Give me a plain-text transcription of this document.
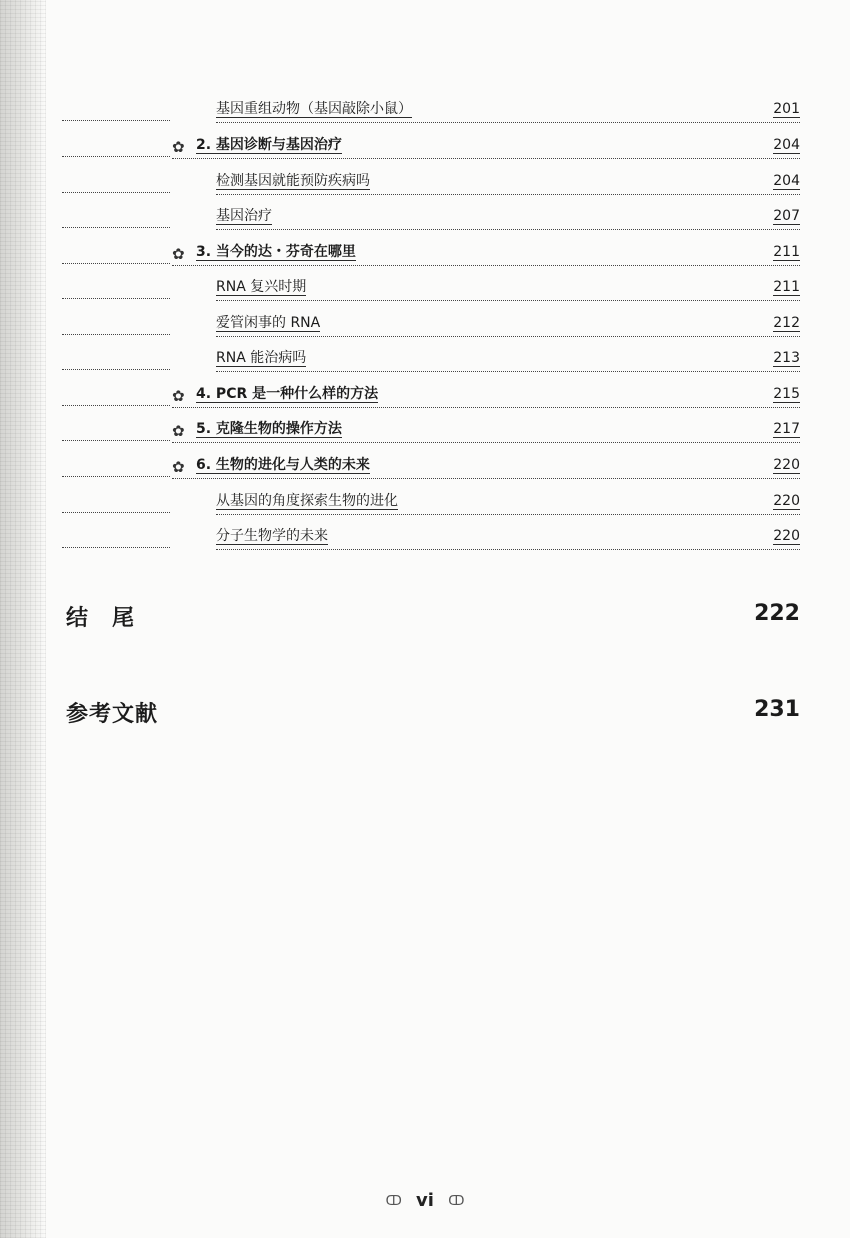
基因重组动物（基因敲除小鼠）	201
✿ 2. 基因诊断与基因治疗	204
检测基因就能预防疾病吗	204
基因治疗	207
✿ 3. 当今的达・芬奇在哪里	211
RNA 复兴时期	211
爱管闲事的 RNA	212
RNA 能治病吗	213
✿ 4. PCR 是一种什么样的方法	215
✿ 5. 克隆生物的操作方法	217
✿ 6. 生物的进化与人类的未来	220
从基因的角度探索生物的进化	220
分子生物学的未来	220
结　尾	222
参考文献	231
ↀ vi ↀ
